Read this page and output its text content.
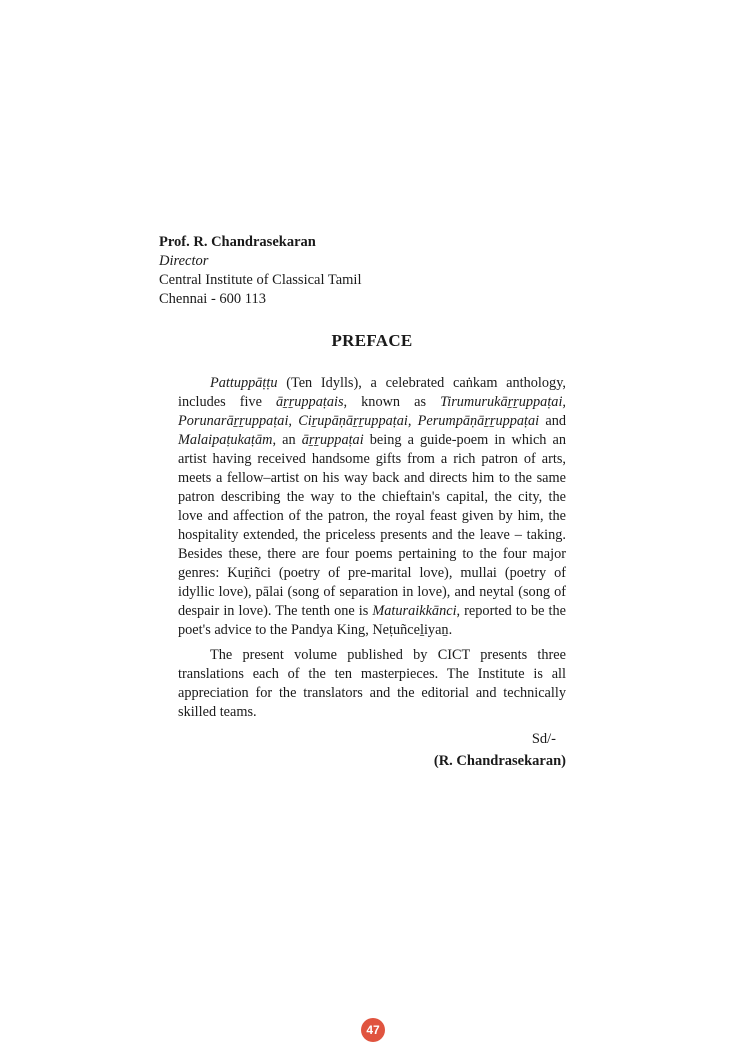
Prof. R. Chandrasekaran
Director
Central Institute of Classical Tamil
Chennai - 600 113
PREFACE

Pattuppāṭṭu (Ten Idylls), a celebrated caṅkam anthology, includes five āṟṟuppaṭais, known as Tirumurukāṟṟuppaṭai, Porunarāṟṟuppaṭai, Ciṟupāṇāṟṟuppaṭai, Perumpāṇāṟṟuppaṭai and Malaipaṭukaṭām, an āṟṟuppaṭai being a guide-poem in which an artist having received handsome gifts from a rich patron of arts, meets a fellow–artist on his way back and directs him to the same patron describing the way to the chieftain's capital, the city, the love and affection of the patron, the royal feast given by him, the hospitality extended, the priceless presents and the leave – taking. Besides these, there are four poems pertaining to the four major genres: Kuṟiñci (poetry of pre-marital love), mullai (poetry of idyllic love), pālai (song of separation in love), and neytal (song of despair in love). The tenth one is Maturaikkānci, reported to be the poet's advice to the Pandya King, Neṭuñceḻiyaṉ.

The present volume published by CICT presents three translations each of the ten masterpieces. The Institute is all appreciation for the translators and the editorial and technically skilled teams.

Sd/-
(R. Chandrasekaran)
47
